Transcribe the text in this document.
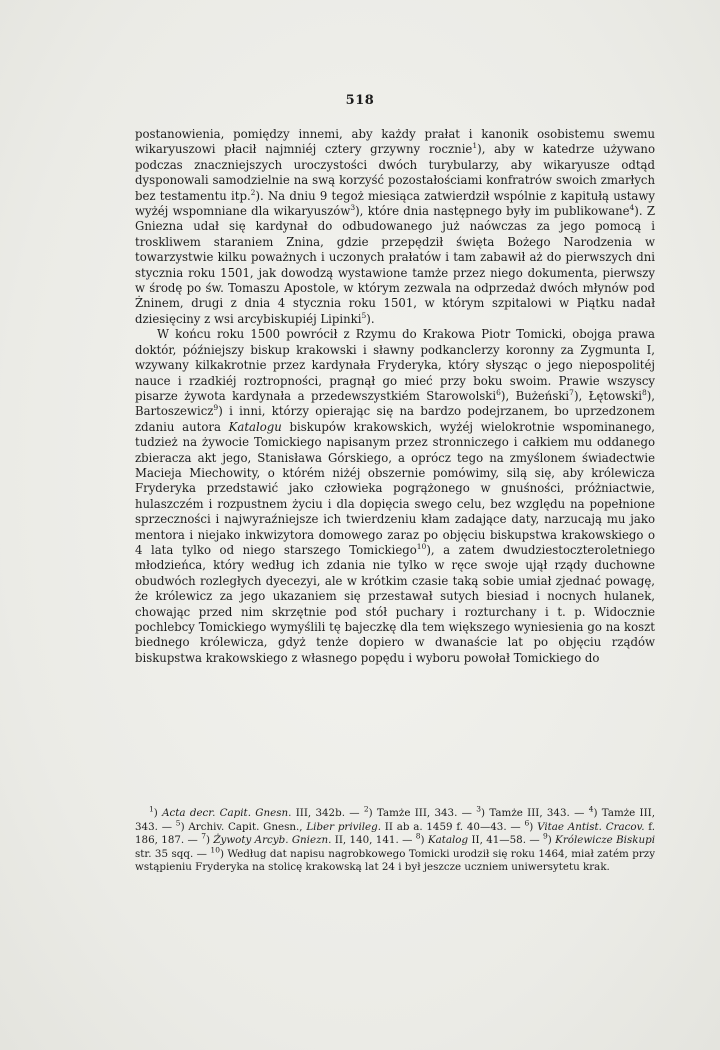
518

postanowienia, pomiędzy innemi, aby każdy prałat i kanonik osobistemu swemu wikaryuszowi płacił najmniéj cztery grzywny rocznie$^1$), aby w katedrze używano podczas znaczniejszych uroczystości dwóch turybularzy, aby wikaryusze odtąd dysponowali samodzielnie na swą korzyść pozostałościami konfratrów swoich zmarłych bez testamentu itp.$^2$). Na dniu 9 tegoż miesiąca zatwierdził wspólnie z kapitułą ustawy wyżéj wspomniane dla wikaryuszów$^3$), które dnia następnego były im publikowane$^4$). Z Gniezna udał się kardynał do odbudowanego już naówczas za jego pomocą i troskliwem staraniem Znina, gdzie przepędził święta Bożego Narodzenia w towarzystwie kilku poważnych i uczonych prałatów i tam zabawił aż do pierwszych dni stycznia roku 1501, jak dowodzą wystawione tamże przez niego dokumenta, pierwszy w środę po św. Tomaszu Apostole, w którym zezwala na odprzedaż dwóch młynów pod Żninem, drugi z dnia 4 stycznia roku 1501, w którym szpitalowi w Piątku nadał dziesięciny z wsi arcybiskupiéj Lipinki$^5$).

W końcu roku 1500 powrócił z Rzymu do Krakowa Piotr Tomicki, obojga prawa doktór, późniejszy biskup krakowski i sławny podkanclerzy koronny za Zygmunta I, wzywany kilkakrotnie przez kardynała Fryderyka, który słysząc o jego niepospolitéj nauce i rzadkiéj roztropności, pragnął go mieć przy boku swoim. Prawie wszyscy pisarze żywota kardynała a przedewszystkiém Starowolski$^6$), Bużeński$^7$), Łętowski$^8$), Bartoszewicz$^9$) i inni, którzy opierając się na bardzo podejrzanem, bo uprzedzonem zdaniu autora Katalogu biskupów krakowskich, wyżéj wielokrotnie wspominanego, tudzież na żywocie Tomickiego napisanym przez stronniczego i całkiem mu oddanego zbieracza akt jego, Stanisława Górskiego, a oprócz tego na zmyślonem świadectwie Macieja Miechowity, o którém niżéj obszernie pomówimy, silą się, aby królewicza Fryderyka przedstawić jako człowieka pogrążonego w gnuśności, próżniactwie, hulaszczém i rozpustnem życiu i dla dopięcia swego celu, bez względu na popełnione sprzeczności i najwyraźniejsze ich twierdzeniu kłam zadające daty, narzucają mu jako mentora i niejako inkwizytora domowego zaraz po objęciu biskupstwa krakowskiego o 4 lata tylko od niego starszego Tomickiego$^{10}$), a zatem dwudziestoczteroletniego młodzieńca, który według ich zdania nie tylko w ręce swoje ujął rządy duchowne obudwóch rozległych dyecezyi, ale w krótkim czasie taką sobie umiał zjednać powagę, że królewicz za jego ukazaniem się przestawał sutych biesiad i nocnych hulanek, chowając przed nim skrzętnie pod stół puchary i rozturchany i t. p. Widocznie pochlebcy Tomickiego wymyślili tę bajeczkę dla tem większego wyniesienia go na koszt biednego królewicza, gdyż tenże dopiero w dwanaście lat po objęciu rządów biskupstwa krakowskiego z własnego popędu i wyboru powołał Tomickiego do

$^1$) Acta decr. Capit. Gnesn. III, 342b. — $^2$) Tamże III, 343. — $^3$) Tamże III, 343. — $^4$) Tamże III, 343. — $^5$) Archiv. Capit. Gnesn., Liber privileg. II ab a. 1459 f. 40—43. — $^6$) Vitae Antist. Cracov. f. 186, 187. — $^7$) Żywoty Arcyb. Gniezn. II, 140, 141. — $^8$) Katalog II, 41—58. — $^9$) Królewicze Biskupi str. 35 sqq. — $^{10}$) Według dat napisu nagrobkowego Tomicki urodził się roku 1464, miał zatém przy wstąpieniu Fryderyka na stolicę krakowską lat 24 i był jeszcze uczniem uniwersytetu krak.
